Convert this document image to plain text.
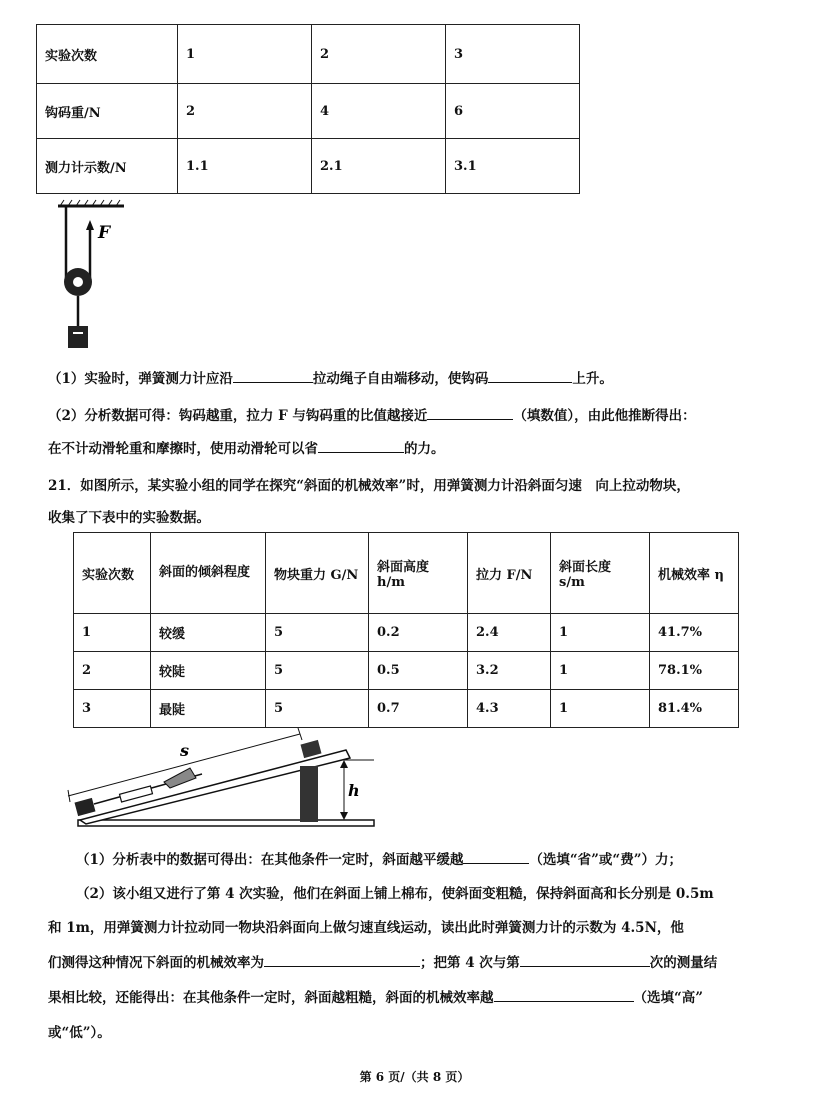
实验次数	1	2	3
钩码重/N	2	4	6
测力计示数/N	1.1	2.1	3.1
F
（1）实验时，弹簧测力计应沿	拉动绳子自由端移动，使钩码	上升。
（2）分析数据可得：钩码越重，拉力 F 与钩码重的比值越接近	（填数值），由此他推断得出：
在不计动滑轮重和摩擦时，使用动滑轮可以省	的力。
21．如图所示，某实验小组的同学在探究“斜面的机械效率”时，用弹簧测力计沿斜面匀速　向上拉动物块，
收集了下表中的实验数据。
实验次数	斜面的倾斜程度	物块重力 G/N	斜面高度 h/m	拉力 F/N	斜面长度 s/m	机械效率 η
1	较缓	5	0.2	2.4	1	41.7%
2	较陡	5	0.5	3.2	1	78.1%
3	最陡	5	0.7	4.3	1	81.4%
s
h
（1）分析表中的数据可得出：在其他条件一定时，斜面越平缓越	（选填“省”或“费”）力；
（2）该小组又进行了第 4 次实验，他们在斜面上铺上棉布，使斜面变粗糙，保持斜面高和长分别是 0.5m
和 1m，用弹簧测力计拉动同一物块沿斜面向上做匀速直线运动，读出此时弹簧测力计的示数为 4.5N，他
们测得这种情况下斜面的机械效率为	；把第 4 次与第	次的测量结
果相比较，还能得出：在其他条件一定时，斜面越粗糙，斜面的机械效率越	（选填“高”
或“低”）。
第 6 页/（共 8 页）
